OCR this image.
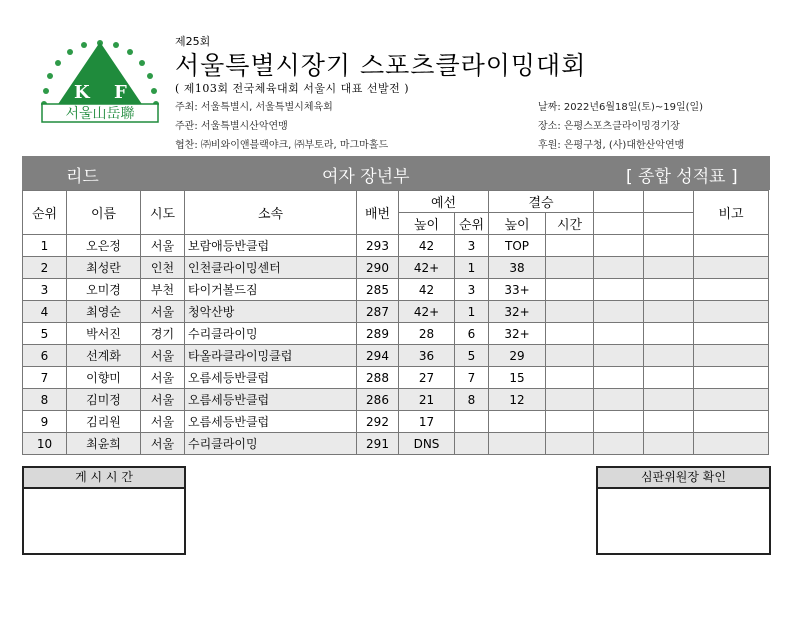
K F
서울山岳聯
제25회
서울특별시장기 스포츠클라이밍대회
( 제103회 전국체육대회 서울시 대표 선발전 )
주최: 서울특별시, 서울특별시체육회
주관: 서울특별시산악연맹
협찬: ㈜비와이앤블랙야크, ㈜부토라, 마그마홀드
날짜: 2022년6월18일(토)~19일(일)
장소: 은평스포츠클라이밍경기장
후원: 은평구청, (사)대한산악연맹
리드	여자 장년부	[ 종합 성적표 ]
순위	이름	시도	소속	배번	예선		결승				비고
					높이	순위	높이	시간			
1	오은정	서울	보람애등반클럽	293	42	3	TOP				
2	최성란	인천	인천클라이밍센터	290	42+	1	38				
3	오미경	부천	타이거볼드짐	285	42	3	33+				
4	최영순	서울	청악산방	287	42+	1	32+				
5	박서진	경기	수리클라이밍	289	28	6	32+				
6	선계화	서울	타올라클라이밍클럽	294	36	5	29				
7	이향미	서울	오름세등반클럽	288	27	7	15				
8	김미정	서울	오름세등반클럽	286	21	8	12				
9	김리원	서울	오름세등반클럽	292	17						
10	최윤희	서울	수리클라이밍	291	DNS						
게 시 시 간	심판위원장 확인
